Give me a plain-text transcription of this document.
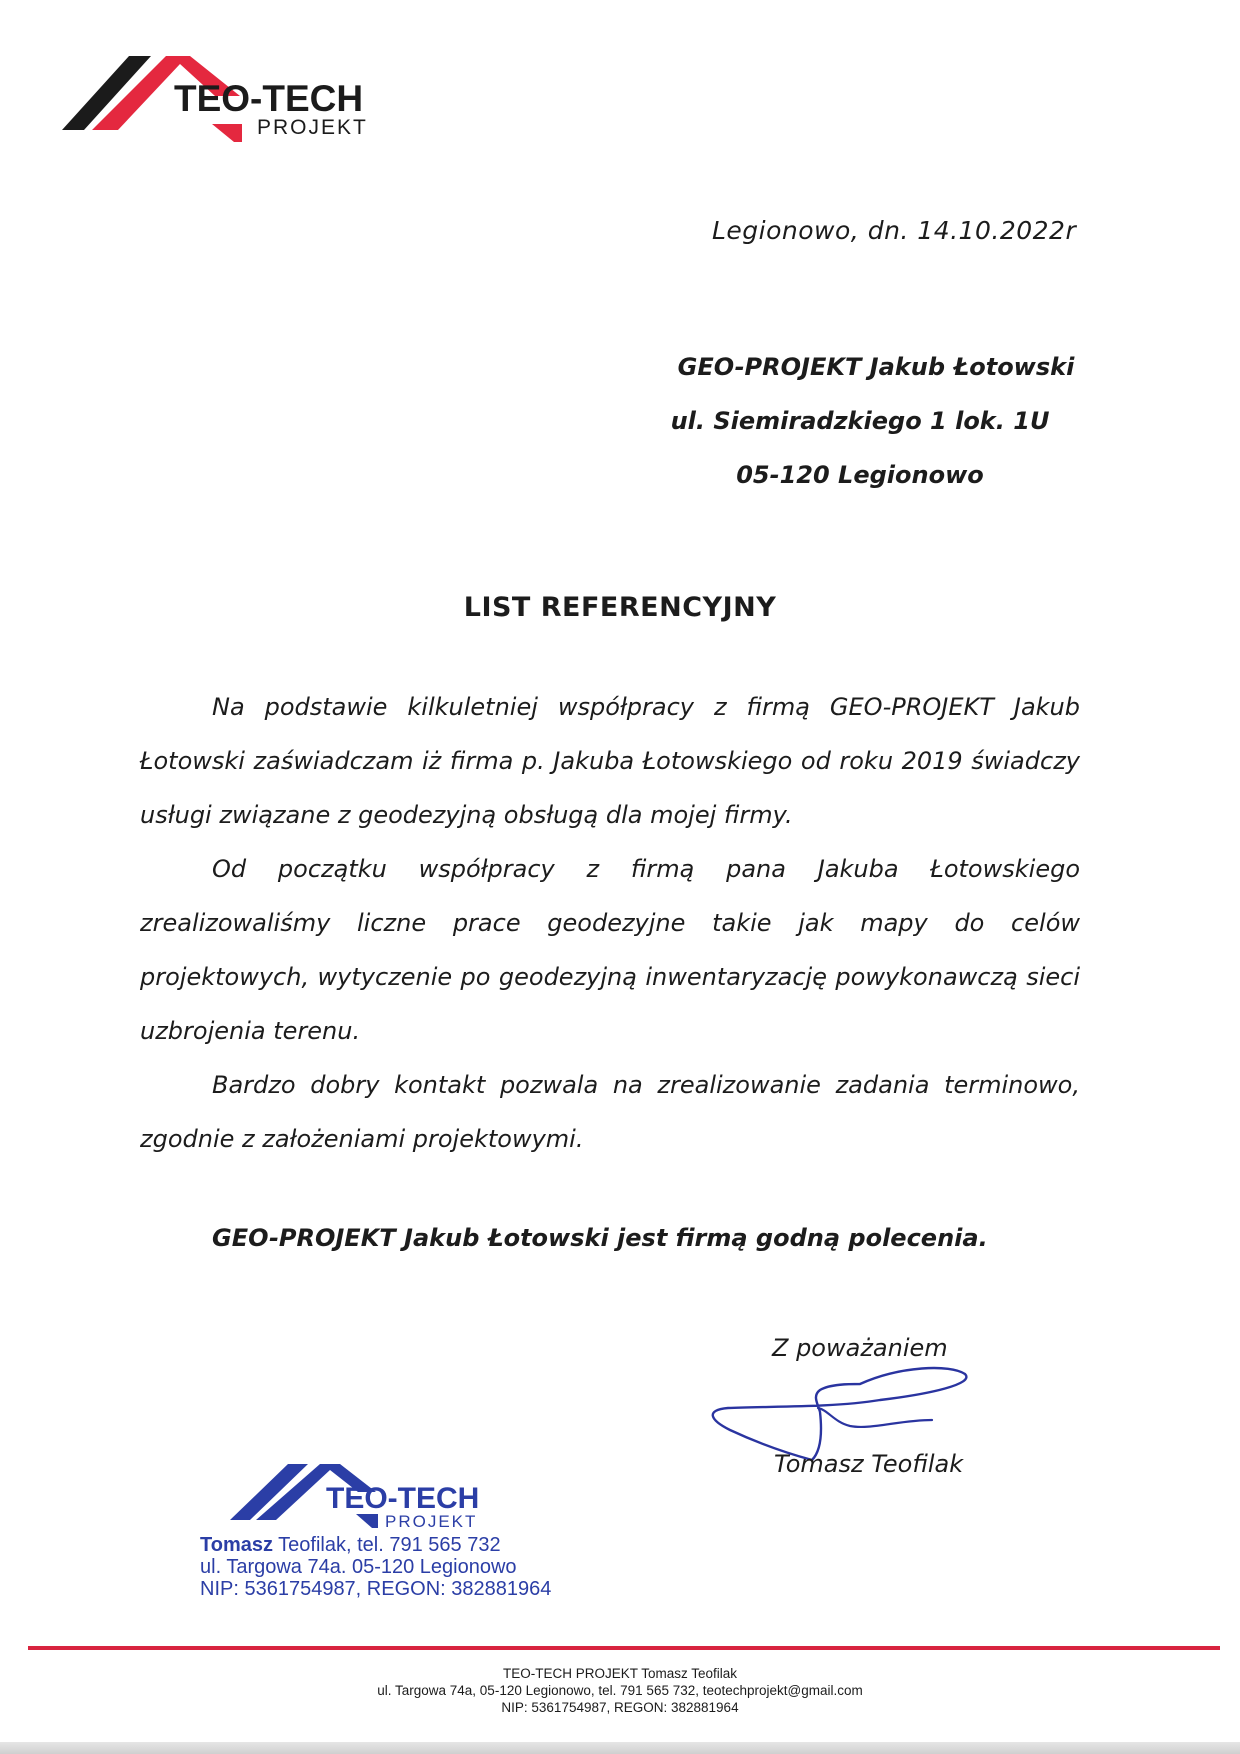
TEO-TECH
PROJEKT
Legionowo, dn. 14.10.2022r
GEO-PROJEKT Jakub Łotowski
ul. Siemiradzkiego 1 lok. 1U
05-120 Legionowo
LIST REFERENCYJNY

Na podstawie kilkuletniej współpracy z firmą GEO-PROJEKT Jakub Łotowski zaświadczam iż firma p. Jakuba Łotowskiego od roku 2019 świadczy usługi związane z geodezyjną obsługą dla mojej firmy.

Od początku współpracy z firmą pana Jakuba Łotowskiego zrealizowaliśmy liczne prace geodezyjne takie jak mapy do celów projektowych, wytyczenie po geodezyjną inwentaryzację powykonawczą sieci uzbrojenia terenu.

Bardzo dobry kontakt pozwala na zrealizowanie zadania terminowo, zgodnie z założeniami projektowymi.

GEO-PROJEKT Jakub Łotowski jest firmą godną polecenia.
Z poważaniem
Tomasz Teofilak
TEO-TECH
PROJEKT
Tomasz Teofilak, tel. 791 565 732
ul. Targowa 74a. 05-120 Legionowo
NIP: 5361754987, REGON: 382881964
TEO-TECH PROJEKT Tomasz Teofilak
ul. Targowa 74a, 05-120 Legionowo, tel. 791 565 732, teotechprojekt@gmail.com
NIP: 5361754987, REGON: 382881964
